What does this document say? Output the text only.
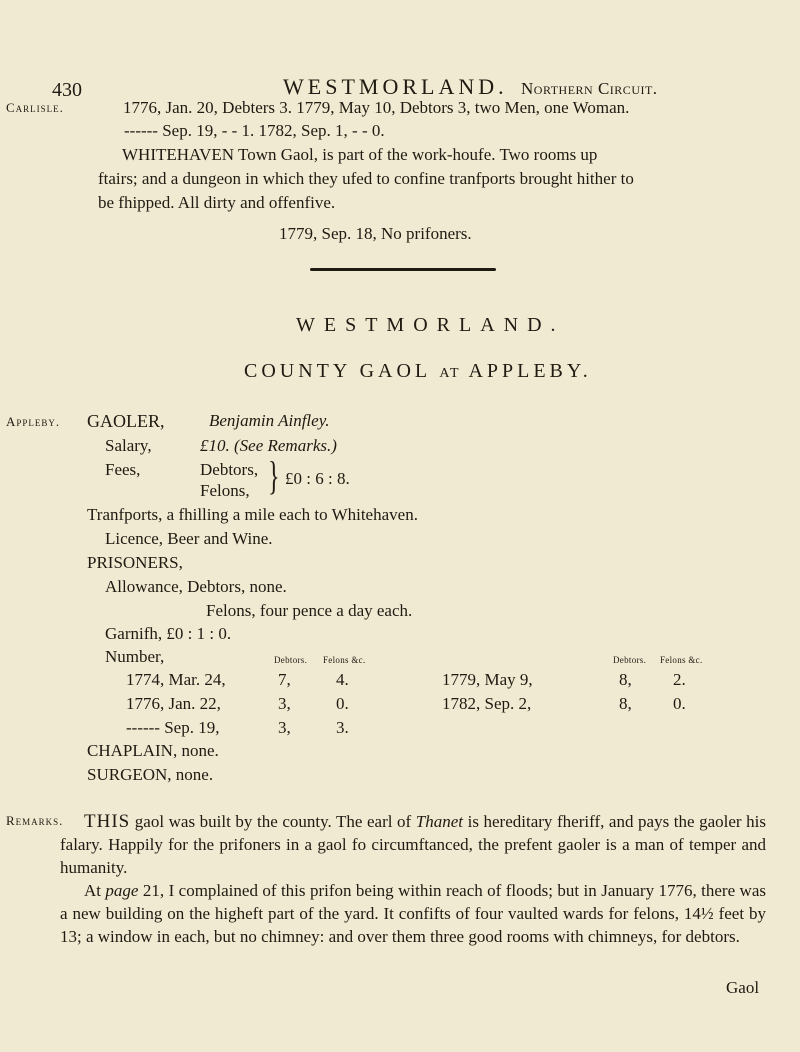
430	WESTMORLAND. Northern Circuit.
Carlisle.	1776, Jan. 20, Debters 3. 1779, May 10, Debtors 3, two Men, one Woman.
------ Sep. 19, - - 1. 1782, Sep. 1, - - 0.
WHITEHAVEN Town Gaol, is part of the work-houfe. Two rooms up
ftairs; and a dungeon in which they ufed to confine tranfports brought hither to
be fhipped. All dirty and offenfive.
1779, Sep. 18, No prifoners.
WESTMORLAND.
COUNTY GAOL AT APPLEBY.
Appleby. GAOLER,	Benjamin Ainfley.
Salary,	£10. (See Remarks.)
Fees,	Debtors,
Felons, } £0 : 6 : 8.
Tranfports, a fhilling a mile each to Whitehaven.
Licence, Beer and Wine.
PRISONERS,
Allowance, Debtors, none.
Felons, four pence a day each.
Garnifh, £0 : 1 : 0.
Number,	Debtors. Felons &c.	Debtors. Felons &c.
1774, Mar. 24,	7,	4.
1776, Jan. 22,	3,	0.
------ Sep. 19,	3,	3.
1779, May 9,	8, 2.
1782, Sep. 2,	8, 0.
CHAPLAIN, none.
SURGEON, none.
Remarks.	THIS gaol was built by the county. The earl of Thanet is hereditary fheriff, and pays the gaoler his falary. Happily for the prifoners in a gaol fo circumftanced, the prefent gaoler is a man of temper and humanity.

At page 21, I complained of this prifon being within reach of floods; but in January 1776, there was a new building on the higheft part of the yard. It confifts of four vaulted wards for felons, 14½ feet by 13; a window in each, but no chimney: and over them three good rooms with chimneys, for debtors.

Gaol
